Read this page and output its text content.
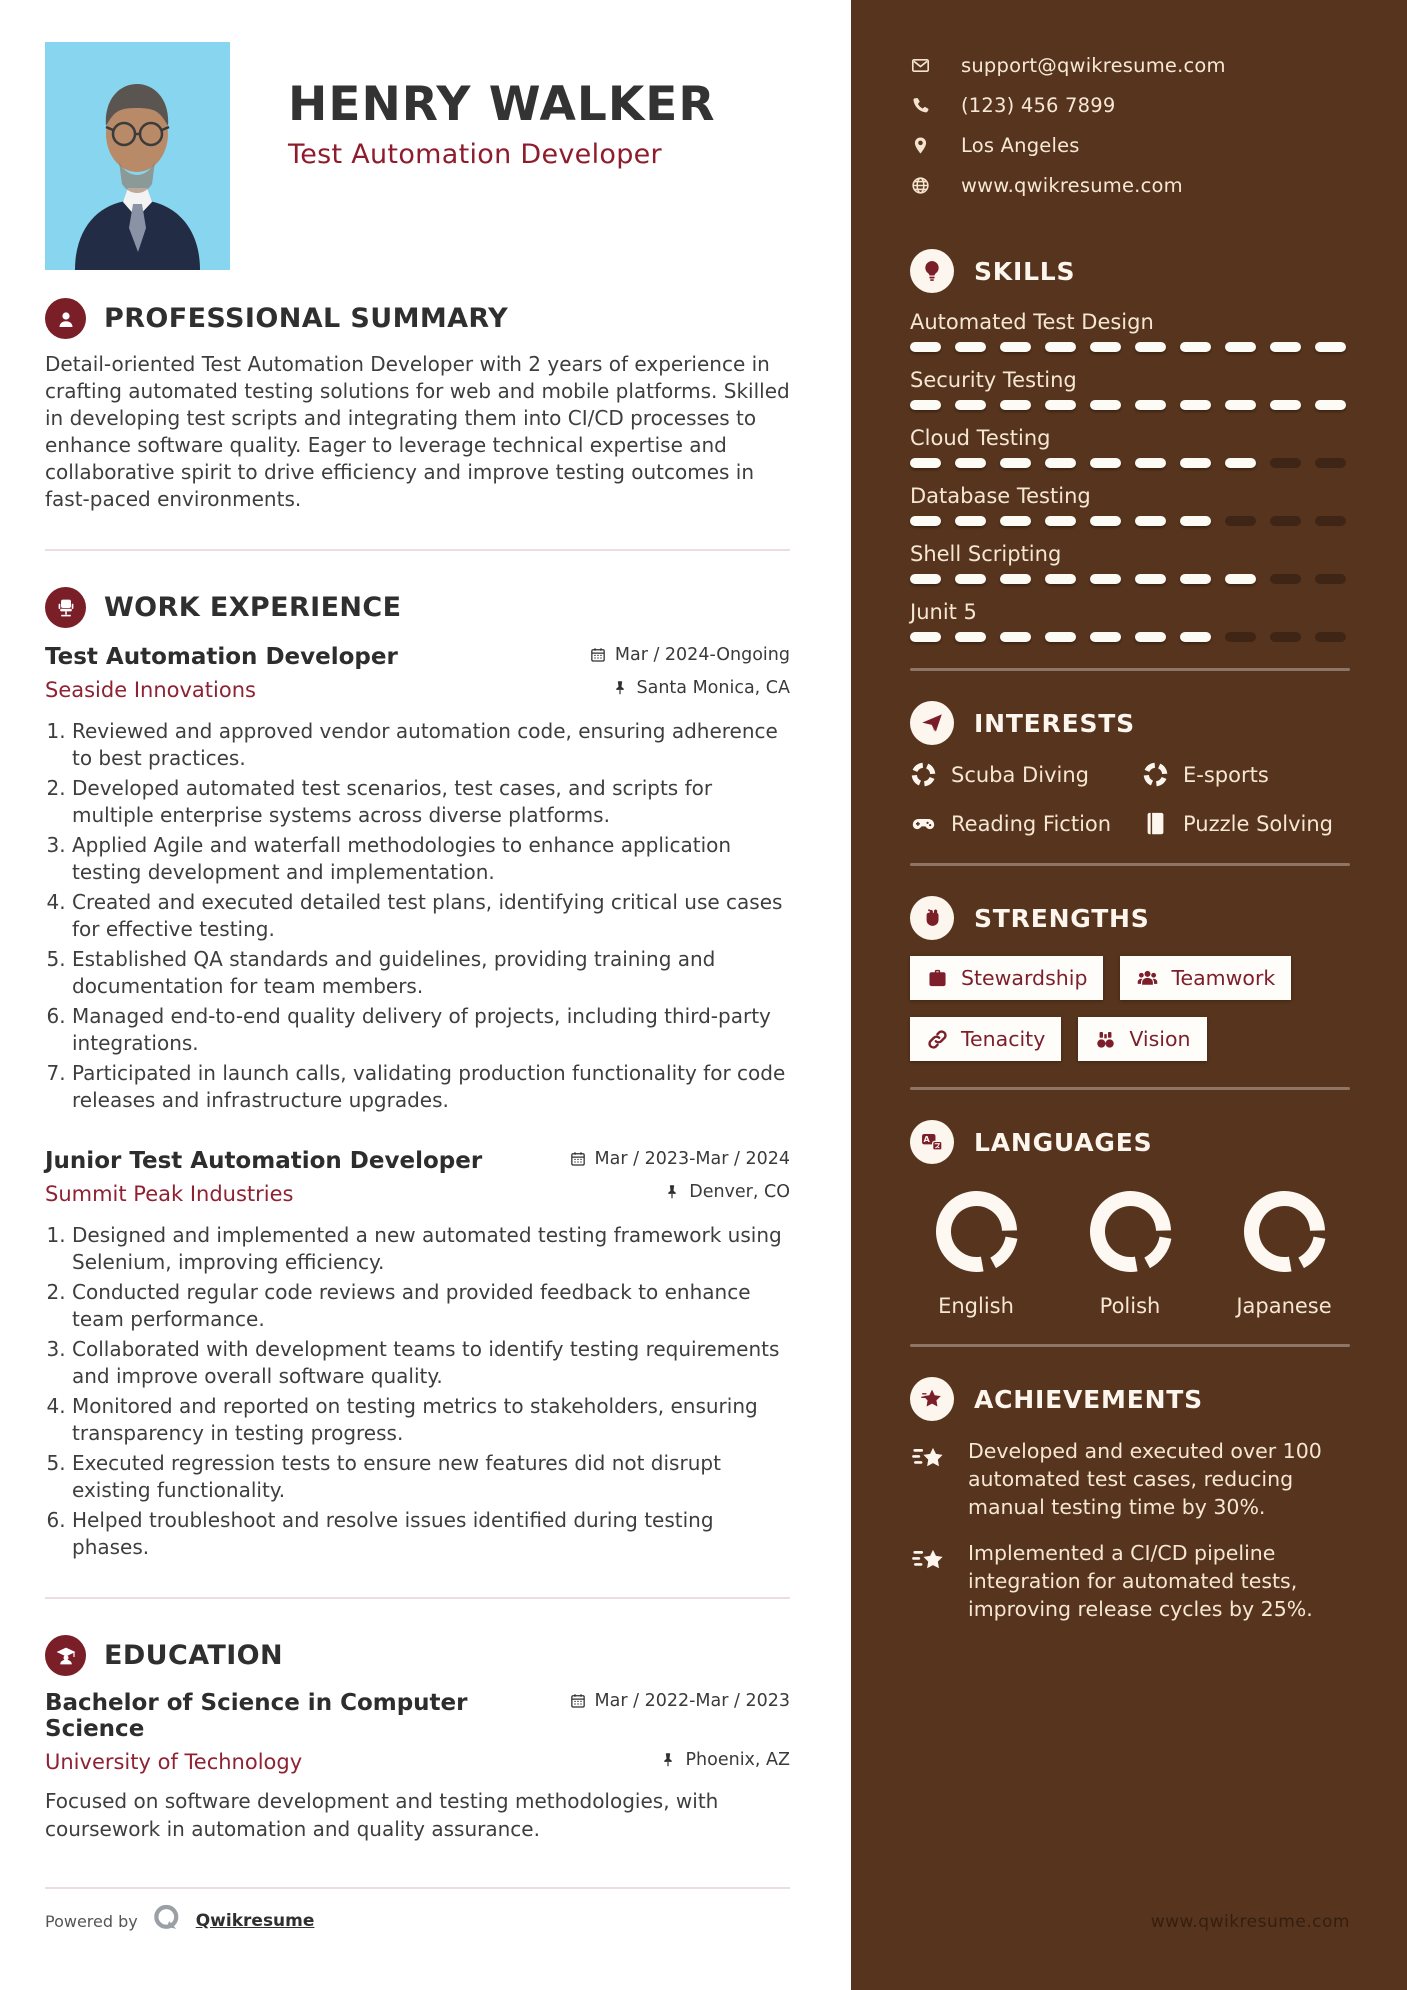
HENRY WALKER
Test Automation Developer
PROFESSIONAL SUMMARY

Detail-oriented Test Automation Developer with 2 years of experience in crafting automated testing solutions for web and mobile platforms. Skilled in developing test scripts and integrating them into CI/CD processes to enhance software quality. Eager to leverage technical expertise and collaborative spirit to drive efficiency and improve testing outcomes in fast-paced environments.

WORK EXPERIENCE
Test Automation Developer	Mar / 2024-Ongoing
Seaside Innovations	Santa Monica, CA
1. Reviewed and approved vendor automation code, ensuring adherence to best practices.
2. Developed automated test scenarios, test cases, and scripts for multiple enterprise systems across diverse platforms.
3. Applied Agile and waterfall methodologies to enhance application testing development and implementation.
4. Created and executed detailed test plans, identifying critical use cases for effective testing.
5. Established QA standards and guidelines, providing training and documentation for team members.
6. Managed end-to-end quality delivery of projects, including third-party integrations.
7. Participated in launch calls, validating production functionality for code releases and infrastructure upgrades.
Junior Test Automation Developer	Mar / 2023-Mar / 2024
Summit Peak Industries	Denver, CO
1. Designed and implemented a new automated testing framework using Selenium, improving efficiency.
2. Conducted regular code reviews and provided feedback to enhance team performance.
3. Collaborated with development teams to identify testing requirements and improve overall software quality.
4. Monitored and reported on testing metrics to stakeholders, ensuring transparency in testing progress.
5. Executed regression tests to ensure new features did not disrupt existing functionality.
6. Helped troubleshoot and resolve issues identified during testing phases.
EDUCATION
Bachelor of Science in Computer Science
Mar / 2022-Mar / 2023
University of Technology	Phoenix, AZ

Focused on software development and testing methodologies, with coursework in automation and quality assurance.

Powered by	Qwikresume
support@qwikresume.com
(123) 456 7899
Los Angeles
www.qwikresume.com
SKILLS
Automated Test Design
Security Testing
Cloud Testing
Database Testing
Shell Scripting
Junit 5
INTERESTS
Scuba Diving	E-sports
Reading Fiction	Puzzle Solving
STRENGTHS
Stewardship	Teamwork
Tenacity	Vision
A LANGUAGES
English	Polish	Japanese
ACHIEVEMENTS
Developed and executed over 100 automated test cases, reducing manual testing time by 30%.
Implemented a CI/CD pipeline integration for automated tests, improving release cycles by 25%.
www.qwikresume.com
